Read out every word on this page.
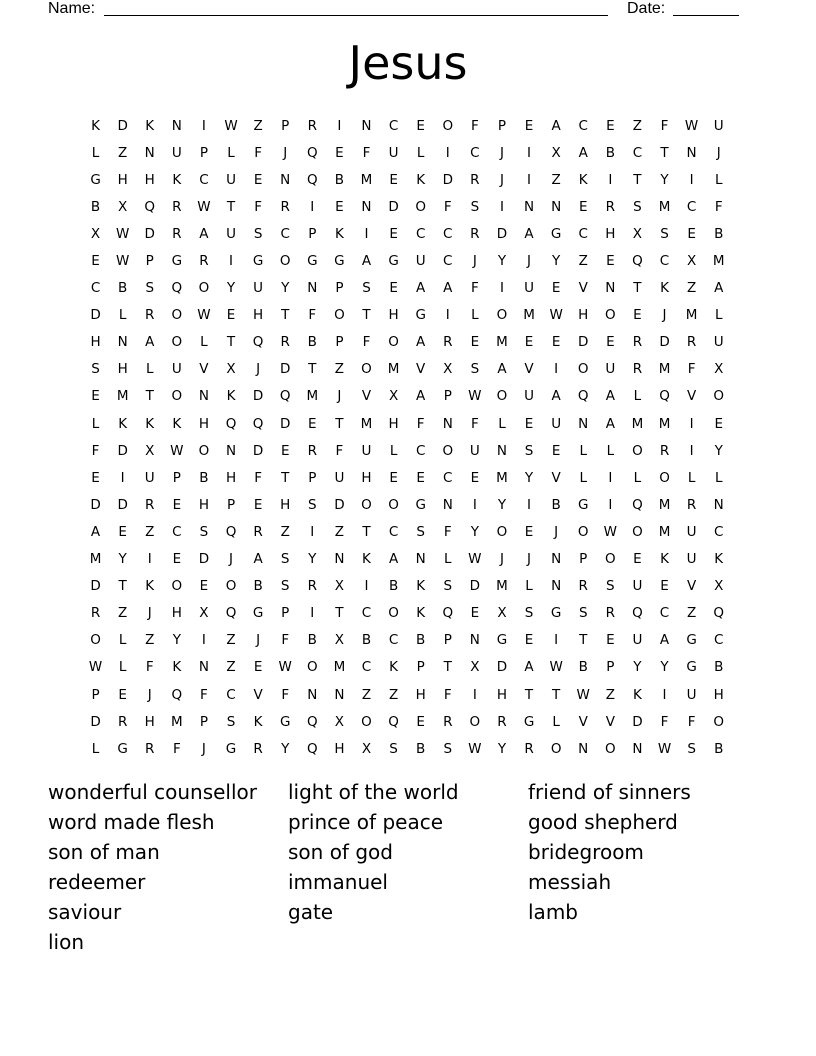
Name:	Date:
Jesus
K	D	K	N	I	W	Z	P	R	I	N	C	E	O	F	P	E	A	C	E	Z	F	W	U
L	Z	N	U	P	L	F	J	Q	E	F	U	L	I	C	J	I	X	A	B	C	T	N	J
G	H	H	K	C	U	E	N	Q	B	M	E	K	D	R	J	I	Z	K	I	T	Y	I	L
B	X	Q	R	W	T	F	R	I	E	N	D	O	F	S	I	N	N	E	R	S	M	C	F
X	W	D	R	A	U	S	C	P	K	I	E	C	C	R	D	A	G	C	H	X	S	E	B
E	W	P	G	R	I	G	O	G	G	A	G	U	C	J	Y	J	Y	Z	E	Q	C	X	M
C	B	S	Q	O	Y	U	Y	N	P	S	E	A	A	F	I	U	E	V	N	T	K	Z	A
D	L	R	O	W	E	H	T	F	O	T	H	G	I	L	O	M	W	H	O	E	J	M	L
H	N	A	O	L	T	Q	R	B	P	F	O	A	R	E	M	E	E	D	E	R	D	R	U
S	H	L	U	V	X	J	D	T	Z	O	M	V	X	S	A	V	I	O	U	R	M	F	X
E	M	T	O	N	K	D	Q	M	J	V	X	A	P	W	O	U	A	Q	A	L	Q	V	O
L	K	K	K	H	Q	Q	D	E	T	M	H	F	N	F	L	E	U	N	A	M	M	I	E
F	D	X	W	O	N	D	E	R	F	U	L	C	O	U	N	S	E	L	L	O	R	I	Y
E	I	U	P	B	H	F	T	P	U	H	E	E	C	E	M	Y	V	L	I	L	O	L	L
D	D	R	E	H	P	E	H	S	D	O	O	G	N	I	Y	I	B	G	I	Q	M	R	N
A	E	Z	C	S	Q	R	Z	I	Z	T	C	S	F	Y	O	E	J	O	W	O	M	U	C
M	Y	I	E	D	J	A	S	Y	N	K	A	N	L	W	J	J	N	P	O	E	K	U	K
D	T	K	O	E	O	B	S	R	X	I	B	K	S	D	M	L	N	R	S	U	E	V	X
R	Z	J	H	X	Q	G	P	I	T	C	O	K	Q	E	X	S	G	S	R	Q	C	Z	Q
O	L	Z	Y	I	Z	J	F	B	X	B	C	B	P	N	G	E	I	T	E	U	A	G	C
W	L	F	K	N	Z	E	W	O	M	C	K	P	T	X	D	A	W	B	P	Y	Y	G	B
P	E	J	Q	F	C	V	F	N	N	Z	Z	H	F	I	H	T	T	W	Z	K	I	U	H
D	R	H	M	P	S	K	G	Q	X	O	Q	E	R	O	R	G	L	V	V	D	F	F	O
L	G	R	F	J	G	R	Y	Q	H	X	S	B	S	W	Y	R	O	N	O	N	W	S	B
wonderful counsellor
word made flesh
son of man
redeemer
saviour
lion
light of the world
prince of peace
son of god
immanuel
gate
friend of sinners
good shepherd
bridegroom
messiah
lamb
